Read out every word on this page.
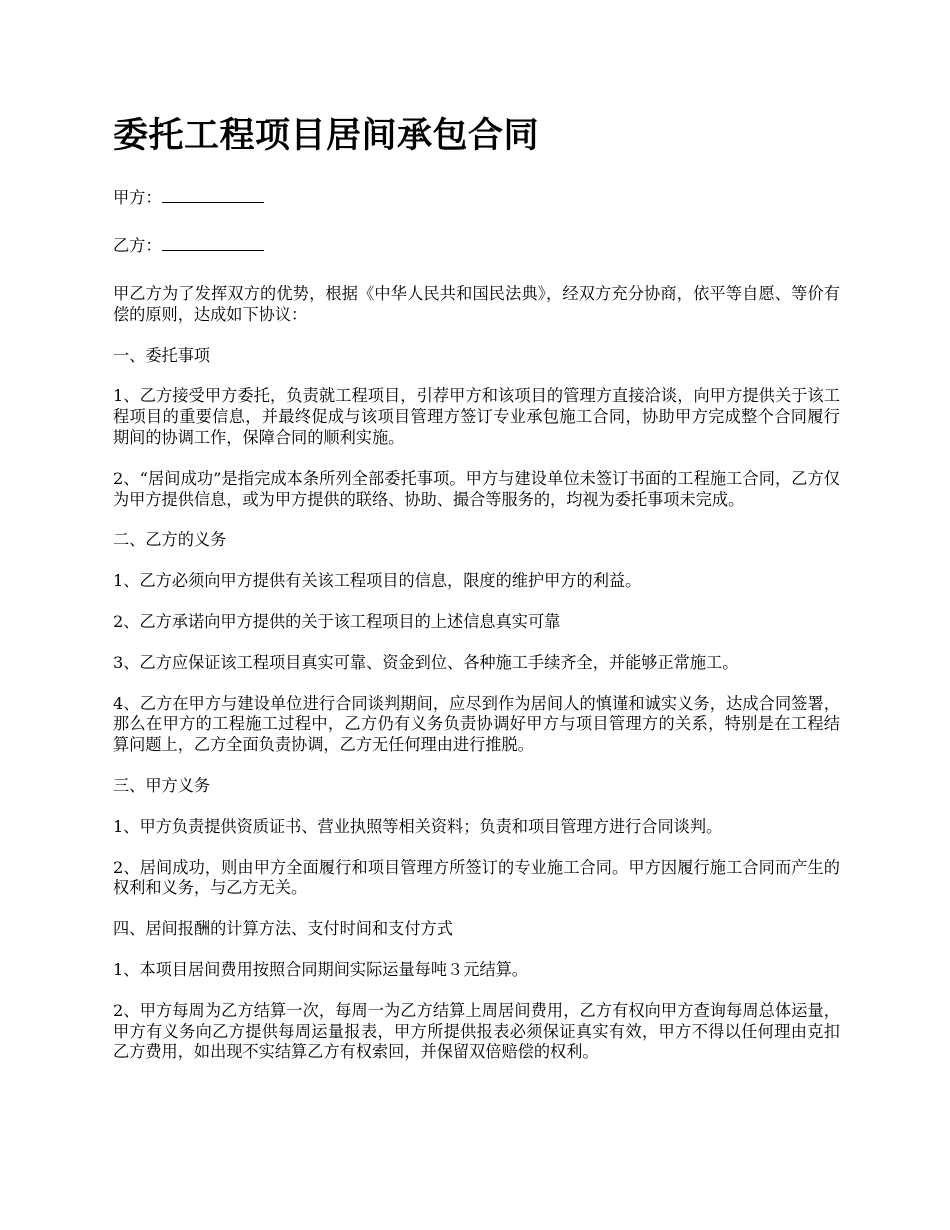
委托工程项目居间承包合同

甲方：

乙方：

甲乙方为了发挥双方的优势，根据《中华人民共和国民法典》，经双方充分协商，依平等自愿、等价有偿的原则，达成如下协议：

一、委托事项

1、乙方接受甲方委托，负责就工程项目，引荐甲方和该项目的管理方直接洽谈，向甲方提供关于该工程项目的重要信息，并最终促成与该项目管理方签订专业承包施工合同，协助甲方完成整个合同履行期间的协调工作，保障合同的顺利实施。

2、“居间成功”是指完成本条所列全部委托事项。甲方与建设单位未签订书面的工程施工合同，乙方仅为甲方提供信息，或为甲方提供的联络、协助、撮合等服务的，均视为委托事项未完成。

二、乙方的义务

1、乙方必须向甲方提供有关该工程项目的信息，限度的维护甲方的利益。

2、乙方承诺向甲方提供的关于该工程项目的上述信息真实可靠

3、乙方应保证该工程项目真实可靠、资金到位、各种施工手续齐全，并能够正常施工。

4、乙方在甲方与建设单位进行合同谈判期间，应尽到作为居间人的慎谨和诚实义务，达成合同签署，那么在甲方的工程施工过程中，乙方仍有义务负责协调好甲方与项目管理方的关系，特别是在工程结算问题上，乙方全面负责协调，乙方无任何理由进行推脱。

三、甲方义务

1、甲方负责提供资质证书、营业执照等相关资料；负责和项目管理方进行合同谈判。

2、居间成功，则由甲方全面履行和项目管理方所签订的专业施工合同。甲方因履行施工合同而产生的权利和义务，与乙方无关。

四、居间报酬的计算方法、支付时间和支付方式

1、本项目居间费用按照合同期间实际运量每吨３元结算。

2、甲方每周为乙方结算一次，每周一为乙方结算上周居间费用，乙方有权向甲方查询每周总体运量，甲方有义务向乙方提供每周运量报表，甲方所提供报表必须保证真实有效，甲方不得以任何理由克扣乙方费用，如出现不实结算乙方有权索回，并保留双倍赔偿的权利。
